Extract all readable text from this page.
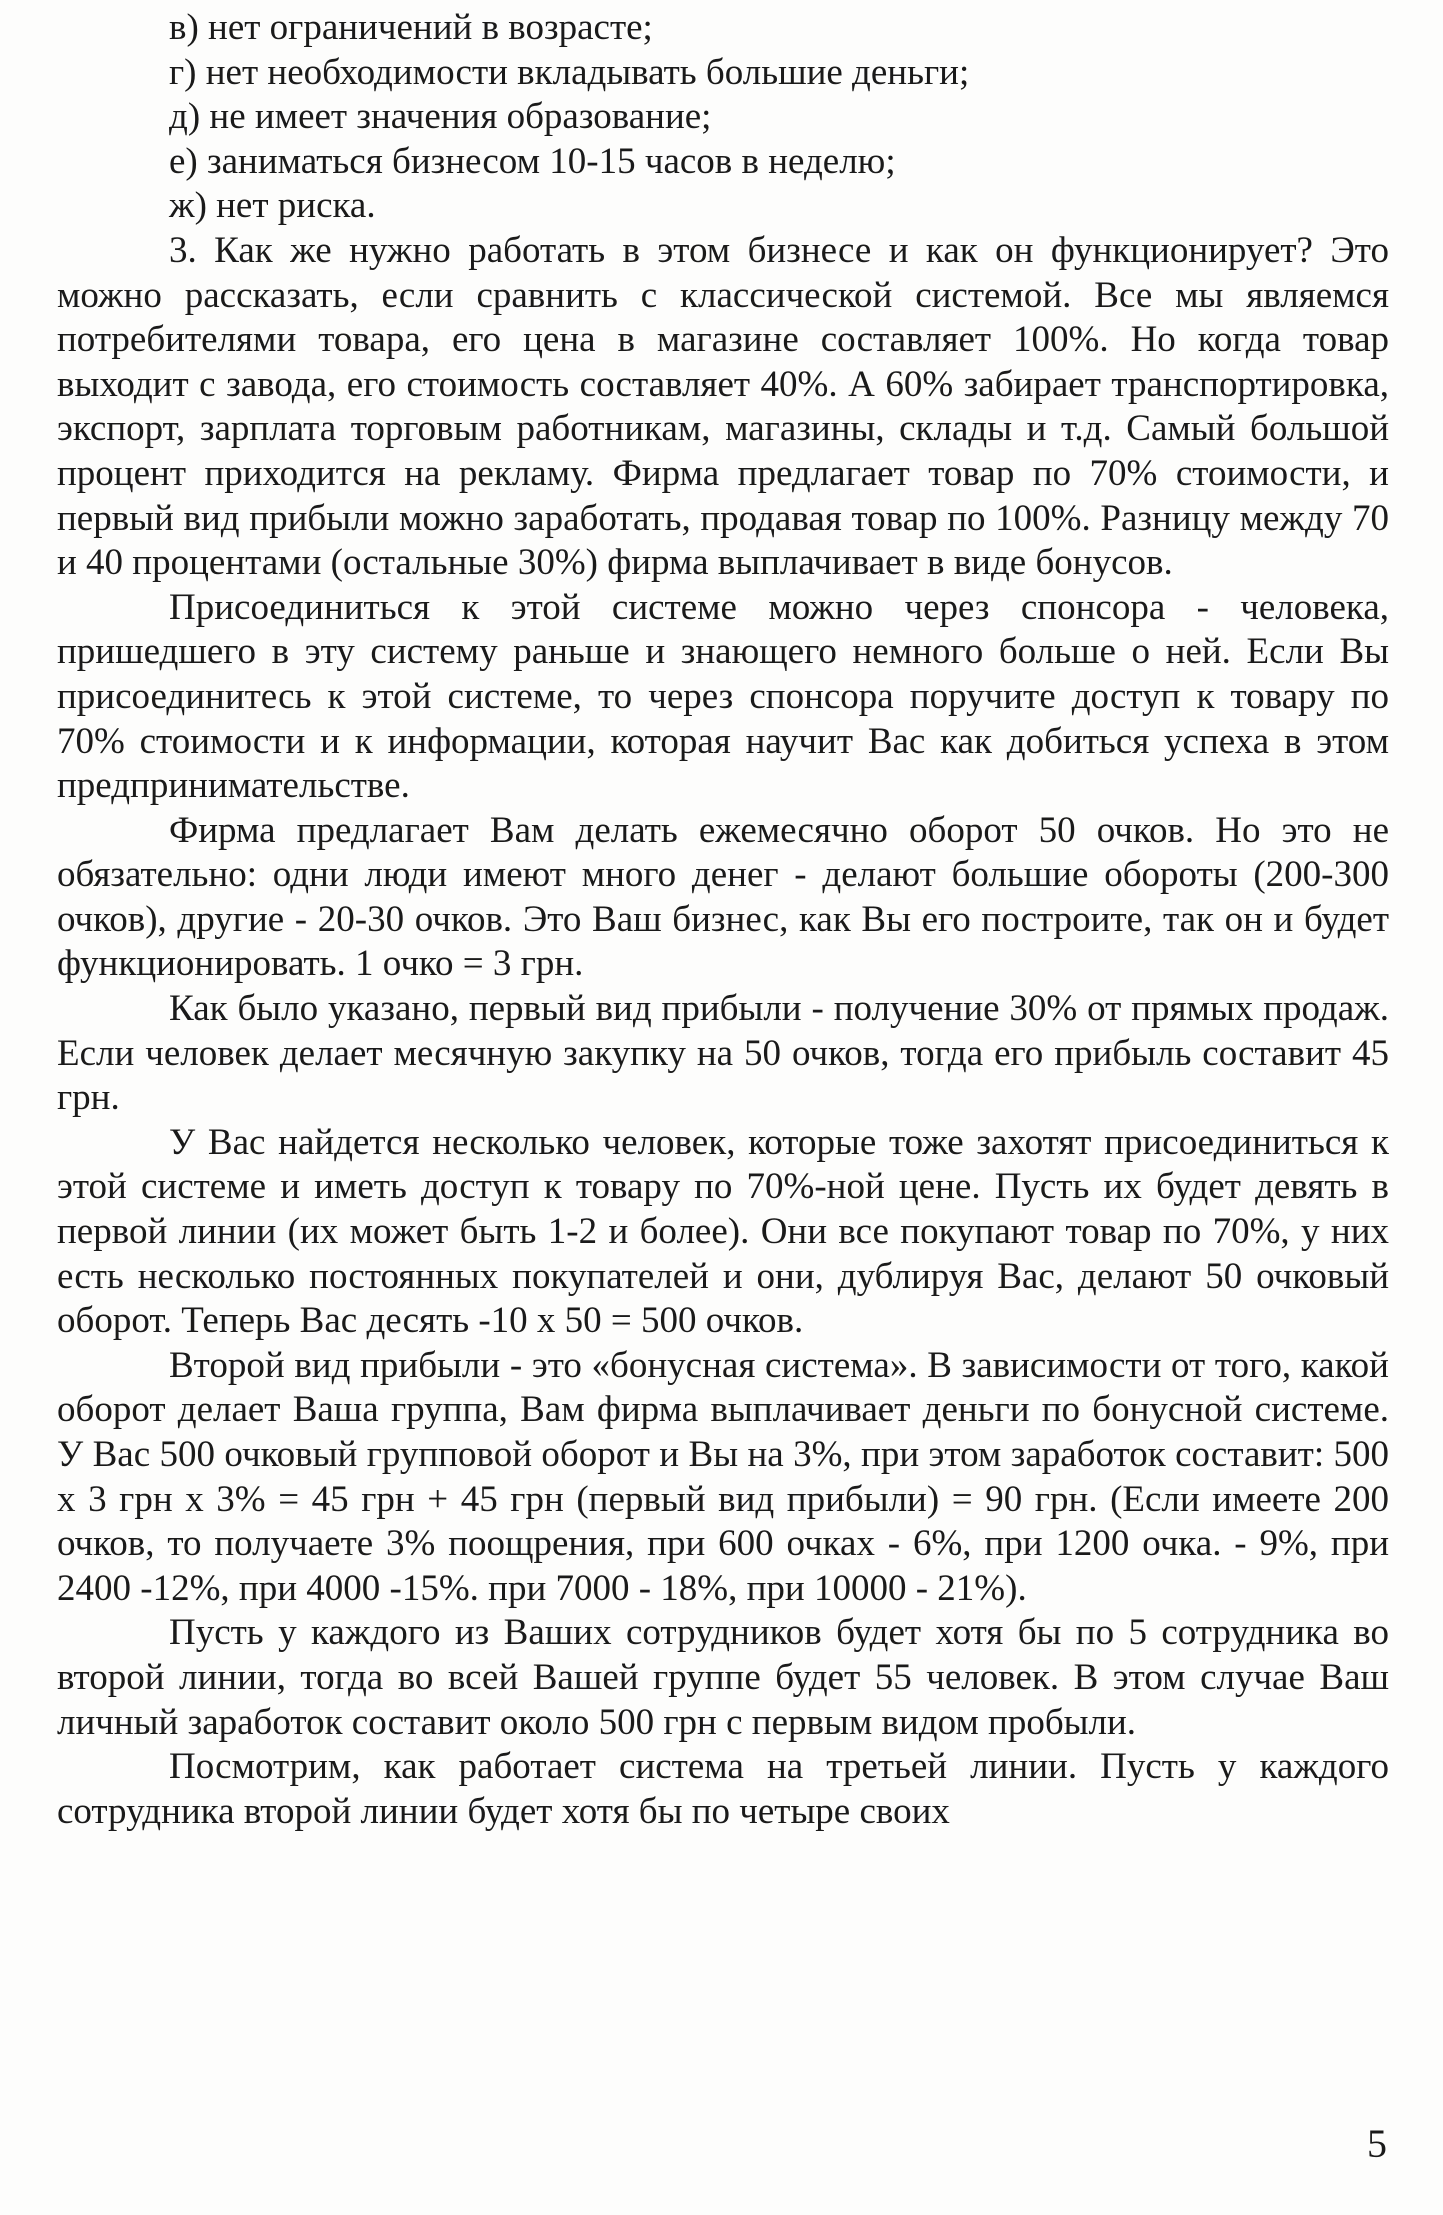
в) нет ограничений в возрасте;
г) нет необходимости вкладывать большие деньги;
д) не имеет значения образование;
е) заниматься бизнесом 10-15 часов в неделю;
ж) нет риска.

3. Как же нужно работать в этом бизнесе и как он функционирует? Это можно рассказать, если сравнить с классической системой. Все мы являемся потребителями товара, его цена в магазине составляет 100%. Но когда товар выходит с завода, его стоимость составляет 40%. А 60% забирает транспортировка, экспорт, зарплата торговым работникам, магазины, склады и т.д. Самый большой процент приходится на рекламу. Фирма предлагает товар по 70% стоимости, и первый вид прибыли можно заработать, продавая товар по 100%. Разницу между 70 и 40 процентами (остальные 30%) фирма выплачивает в виде бонусов.

Присоединиться к этой системе можно через спонсора - человека, пришедшего в эту систему раньше и знающего немного больше о ней. Если Вы присоединитесь к этой системе, то через спонсора поручите доступ к товару по 70% стоимости и к информации, которая научит Вас как добиться успеха в этом предпринимательстве.

Фирма предлагает Вам делать ежемесячно оборот 50 очков. Но это не обязательно: одни люди имеют много денег - делают большие обороты (200-300 очков), другие - 20-30 очков. Это Ваш бизнес, как Вы его построите, так он и будет функционировать. 1 очко = 3 грн.

Как было указано, первый вид прибыли - получение 30% от прямых продаж. Если человек делает месячную закупку на 50 очков, тогда его прибыль составит 45 грн.

У Вас найдется несколько человек, которые тоже захотят присоединиться к этой системе и иметь доступ к товару по 70%-ной цене. Пусть их будет девять в первой линии (их может быть 1-2 и более). Они все покупают товар по 70%, у них есть несколько постоянных покупателей и они, дублируя Вас, делают 50 очковый оборот. Теперь Вас десять -10 х 50 = 500 очков.

Второй вид прибыли - это «бонусная система». В зависимости от того, какой оборот делает Ваша группа, Вам фирма выплачивает деньги по бонусной системе. У Вас 500 очковый групповой оборот и Вы на 3%, при этом заработок составит: 500 х 3 грн х 3% = 45 грн + 45 грн (первый вид прибыли) = 90 грн. (Если имеете 200 очков, то получаете 3% поощрения, при 600 очках - 6%, при 1200 очка. - 9%, при 2400 -12%, при 4000 -15%. при 7000 - 18%, при 10000 - 21%).

Пусть у каждого из Ваших сотрудников будет хотя бы по 5 сотрудника во второй линии, тогда во всей Вашей группе будет 55 человек. В этом случае Ваш личный заработок составит около 500 грн с первым видом пробыли.

Посмотрим, как работает система на третьей линии. Пусть у каждого сотрудника второй линии будет хотя бы по четыре своих

5
